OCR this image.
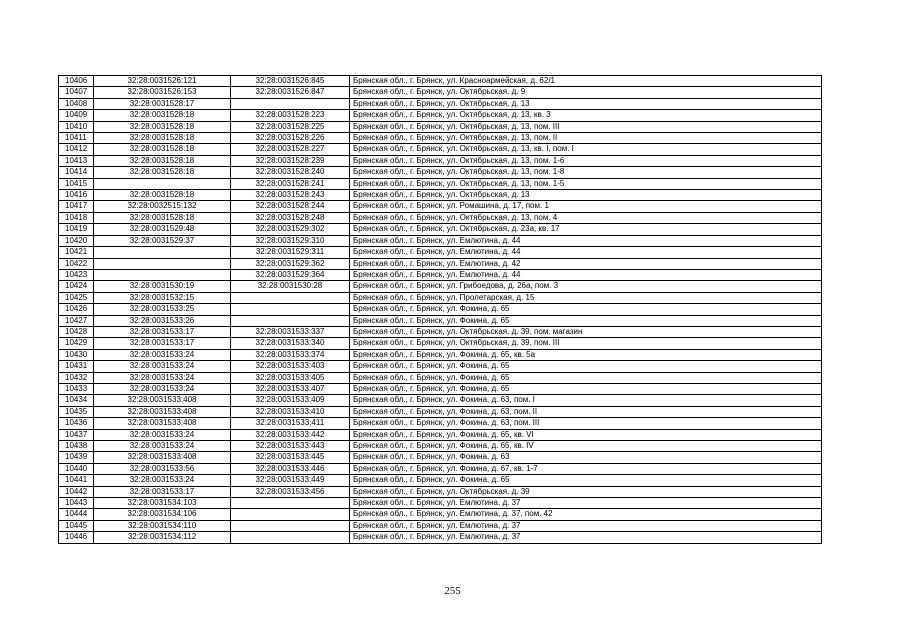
10406	32:28:0031526:121	32:28:0031526:845	Брянская обл., г. Брянск, ул. Красноармейская, д. 62/1
10407	32:28:0031526:153	32:28:0031526:847	Брянская обл., г. Брянск, ул. Октябрьская, д. 9
10408	32:28:0031528:17		Брянская обл., г. Брянск, ул. Октябрьская, д. 13
10409	32:28:0031528:18	32:28:0031528:223	Брянская обл., г. Брянск, ул. Октябрьская, д. 13, кв. 3
10410	32:28:0031528:18	32:28:0031528:225	Брянская обл., г. Брянск, ул. Октябрьская, д. 13, пом. III
10411	32:28:0031528:18	32:28:0031528:226	Брянская обл., г. Брянск, ул. Октябрьская, д. 13, пом. II
10412	32:28:0031528:18	32:28:0031528:227	Брянская обл., г. Брянск, ул. Октябрьская, д. 13, кв. I, пом. I
10413	32:28:0031528:18	32:28:0031528:239	Брянская обл., г. Брянск, ул. Октябрьская, д. 13, пом. 1-6
10414	32:28:0031528:18	32:28:0031528:240	Брянская обл., г. Брянск, ул. Октябрьская, д. 13, пом. 1-8
10415		32:28:0031528:241	Брянская обл., г. Брянск, ул. Октябрьская, д. 13, пом. 1-5
10416	32:28:0031528:18	32:28:0031528:243	Брянская обл., г. Брянск, ул. Октябрьская, д. 13
10417	32:28:0032515:132	32:28:0031528:244	Брянская обл., г. Брянск, ул. Ромашина, д. 17, пом. 1
10418	32:28:0031528:18	32:28:0031528:248	Брянская обл., г. Брянск, ул. Октябрьская, д. 13, пом. 4
10419	32:28:0031529:48	32:28:0031529:302	Брянская обл., г. Брянск, ул. Октябрьская, д. 23а, кв. 17
10420	32:28:0031529:37	32:28:0031529:310	Брянская обл., г. Брянск, ул. Емлютина, д. 44
10421		32:28:0031529:311	Брянская обл., г. Брянск, ул. Емлютина, д. 44
10422		32:28:0031529:362	Брянская обл., г. Брянск, ул. Емлютина, д. 42
10423		32:28:0031529:364	Брянская обл., г. Брянск, ул. Емлютина, д. 44
10424	32:28:0031530:19	32:28:0031530:28	Брянская обл., г. Брянск, ул. Грибоедова, д. 26а, пом. 3
10425	32:28:0031532:15		Брянская обл., г. Брянск, ул. Пролетарская, д. 15
10426	32:28:0031533:25		Брянская обл., г. Брянск, ул. Фокина, д. 65
10427	32:28:0031533:26		Брянская обл., г. Брянск, ул. Фокина, д. 65
10428	32:28:0031533:17	32:28:0031533:337	Брянская обл., г. Брянск, ул. Октябрьская, д. 39, пом. магазин
10429	32:28:0031533:17	32:28:0031533:340	Брянская обл., г. Брянск, ул. Октябрьская, д. 39, пом. III
10430	32:28:0031533:24	32:28:0031533:374	Брянская обл., г. Брянск, ул. Фокина, д. 65, кв. 5а
10431	32:28:0031533:24	32:28:0031533:403	Брянская обл., г. Брянск, ул. Фокина, д. 65
10432	32:28:0031533:24	32:28:0031533:405	Брянская обл., г. Брянск, ул. Фокина, д. 65
10433	32:28:0031533:24	32:28:0031533:407	Брянская обл., г. Брянск, ул. Фокина, д. 65
10434	32:28:0031533:408	32:28:0031533:409	Брянская обл., г. Брянск, ул. Фокина, д. 63, пом. I
10435	32:28:0031533:408	32:28:0031533:410	Брянская обл., г. Брянск, ул. Фокина, д. 63, пом. II
10436	32:28:0031533:408	32:28:0031533:411	Брянская обл., г. Брянск, ул. Фокина, д. 63, пом. III
10437	32:28:0031533:24	32:28:0031533:442	Брянская обл., г. Брянск, ул. Фокина, д. 65, кв. VI
10438	32:28:0031533:24	32:28:0031533:443	Брянская обл., г. Брянск, ул. Фокина, д. 65, кв. IV
10439	32:28:0031533:408	32:28:0031533:445	Брянская обл., г. Брянск, ул. Фокина, д. 63
10440	32:28:0031533:56	32:28:0031533:446	Брянская обл., г. Брянск, ул. Фокина, д. 67, кв. 1-7
10441	32:28:0031533:24	32:28:0031533:449	Брянская обл., г. Брянск, ул. Фокина, д. 65
10442	32:28:0031533:17	32:28:0031533:456	Брянская обл., г. Брянск, ул. Октябрьская, д. 39
10443	32:28:0031534:103		Брянская обл., г. Брянск, ул. Емлютина, д. 37
10444	32:28:0031534:106		Брянская обл., г. Брянск, ул. Емлютина, д. 37, пом. 42
10445	32:28:0031534:110		Брянская обл., г. Брянск, ул. Емлютина, д. 37
10446	32:28:0031534:112		Брянская обл., г. Брянск, ул. Емлютина, д. 37
255
